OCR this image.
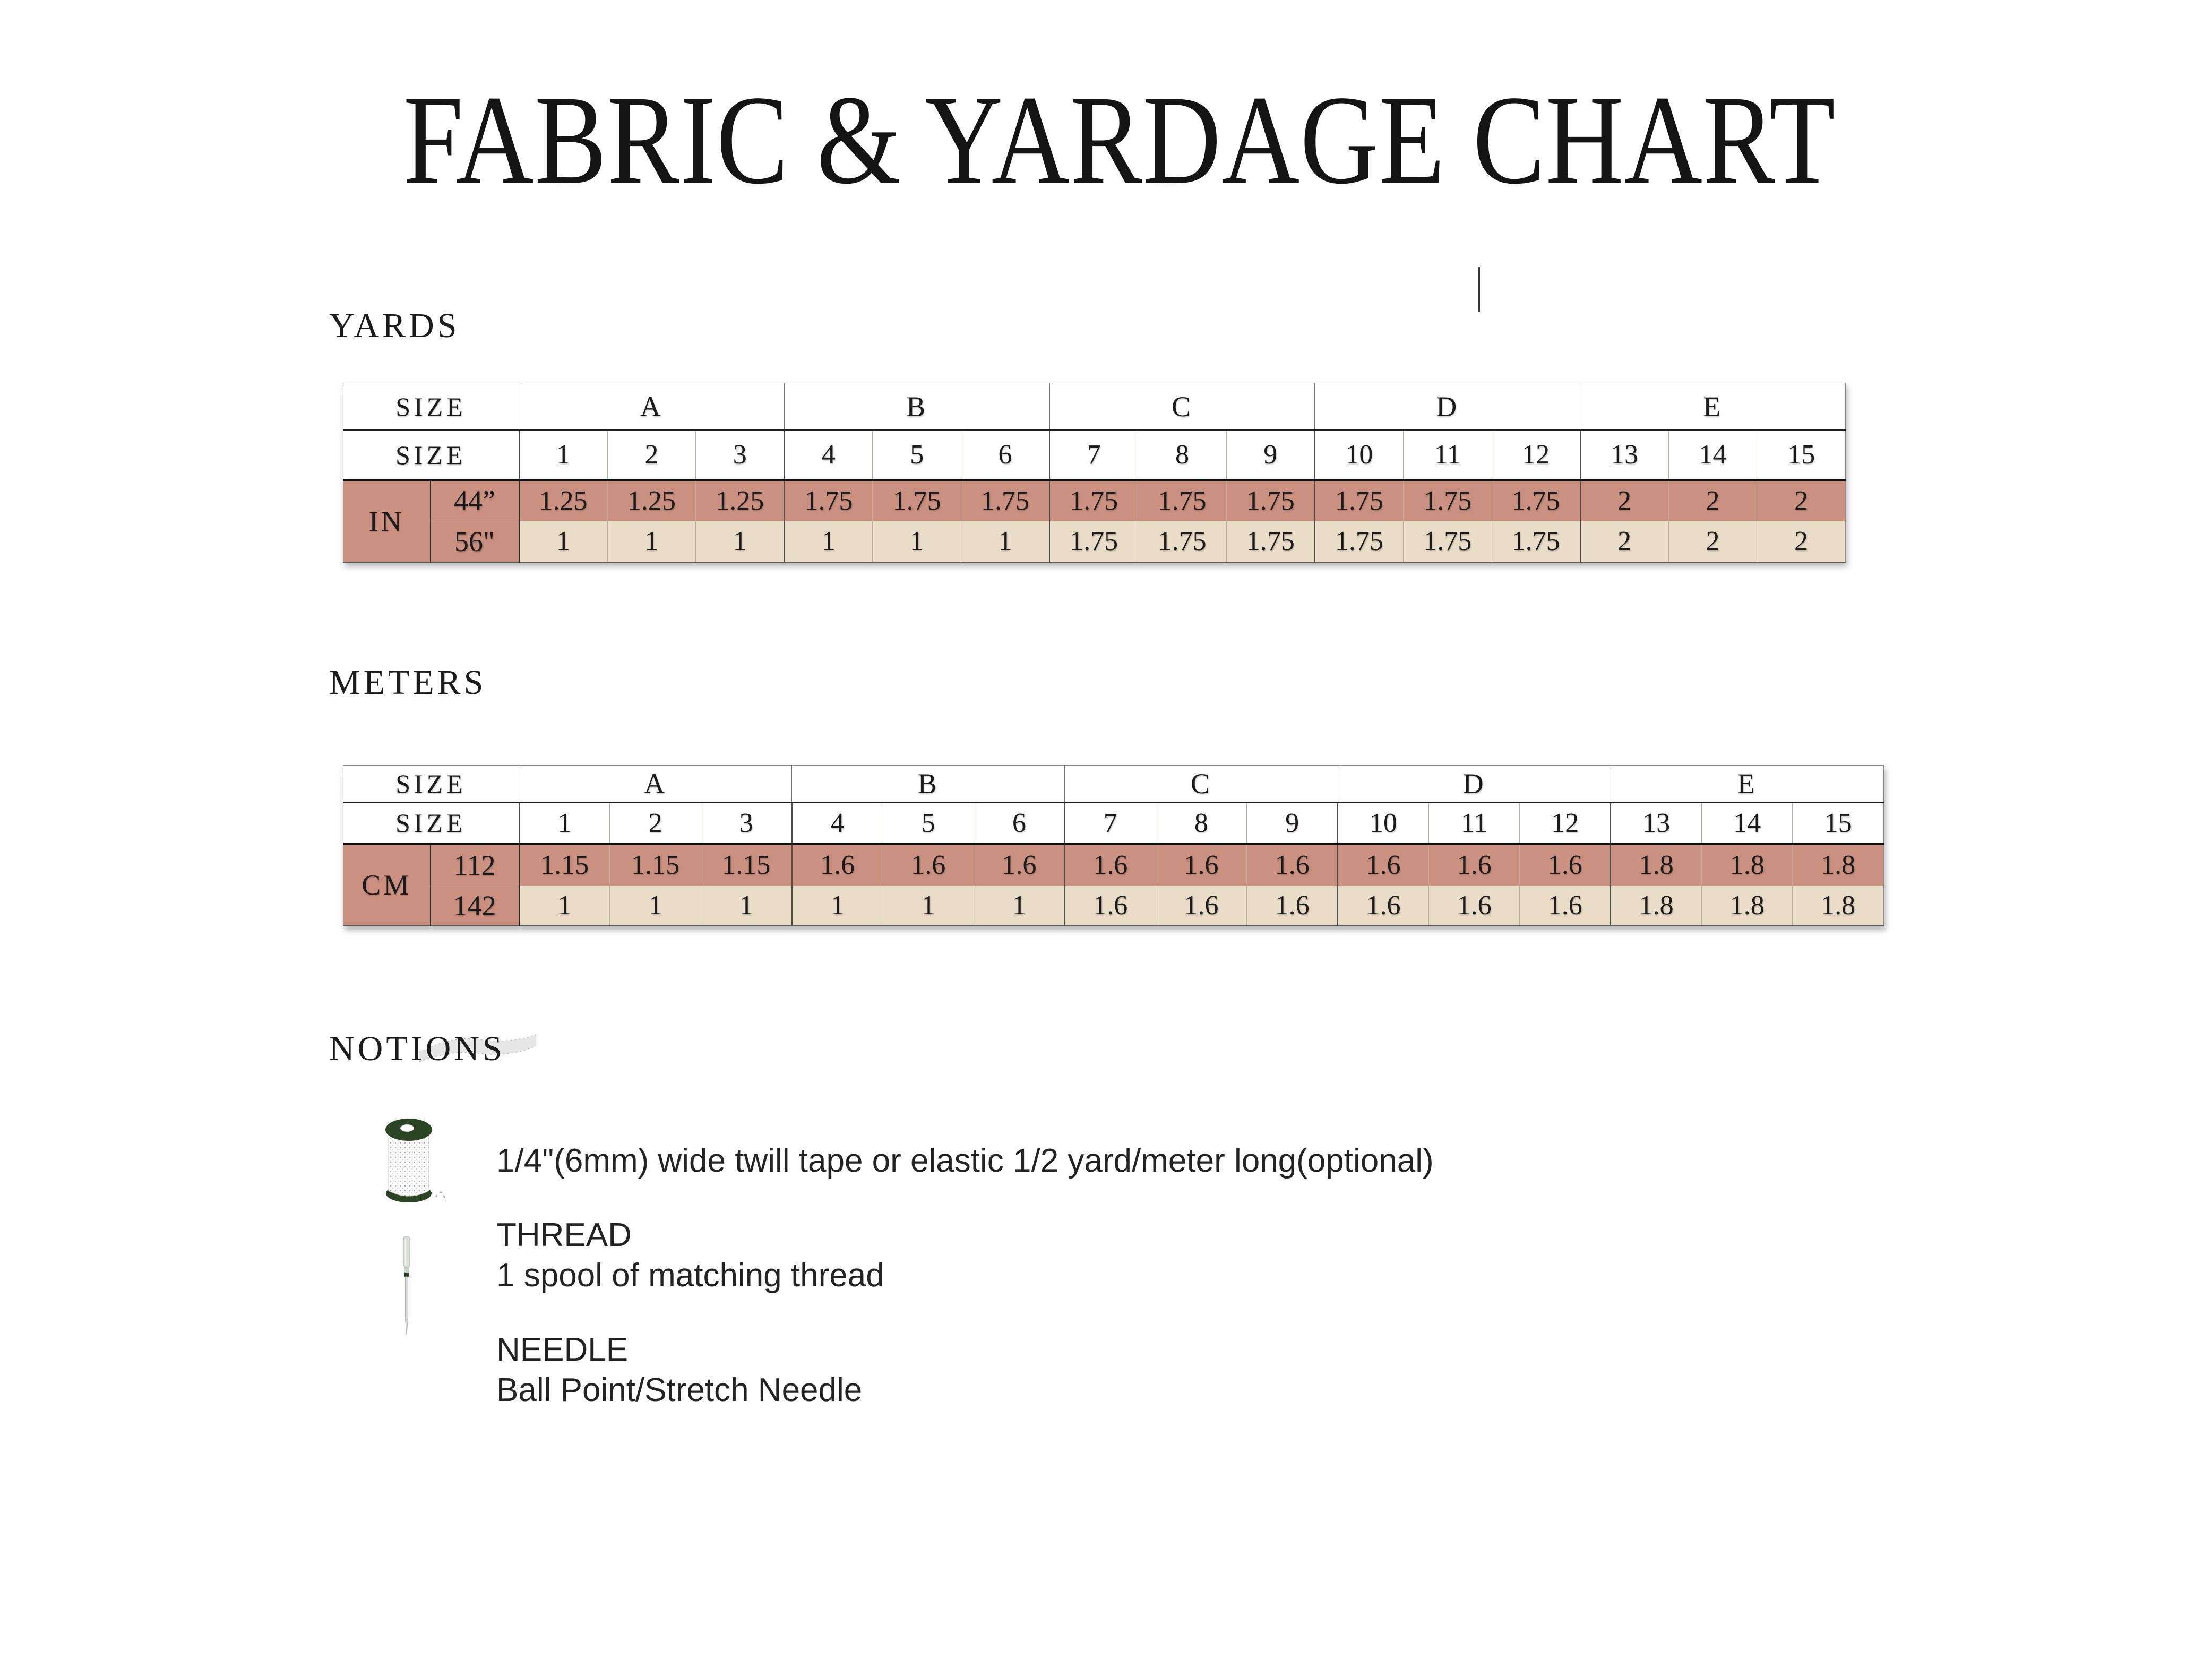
FABRIC & YARDAGE CHART
YARDS
SIZE		A			B			C			D			E		
SIZE		1	2	3	4	5	6	7	8	9	10	11	12	13	14	15
IN	44”	1.25	1.25	1.25	1.75	1.75	1.75	1.75	1.75	1.75	1.75	1.75	1.75	2	2	2
	56"	1	1	1	1	1	1	1.75	1.75	1.75	1.75	1.75	1.75	2	2	2
METERS
SIZE		A			B			C			D			E		
SIZE		1	2	3	4	5	6	7	8	9	10	11	12	13	14	15
CM	112	1.15	1.15	1.15	1.6	1.6	1.6	1.6	1.6	1.6	1.6	1.6	1.6	1.8	1.8	1.8
	142	1	1	1	1	1	1	1.6	1.6	1.6	1.6	1.6	1.6	1.8	1.8	1.8
NOTIONS
1/4"(6mm) wide twill tape or elastic 1/2 yard/meter long(optional)
THREAD
1 spool of matching thread
NEEDLE
Ball Point/Stretch Needle
